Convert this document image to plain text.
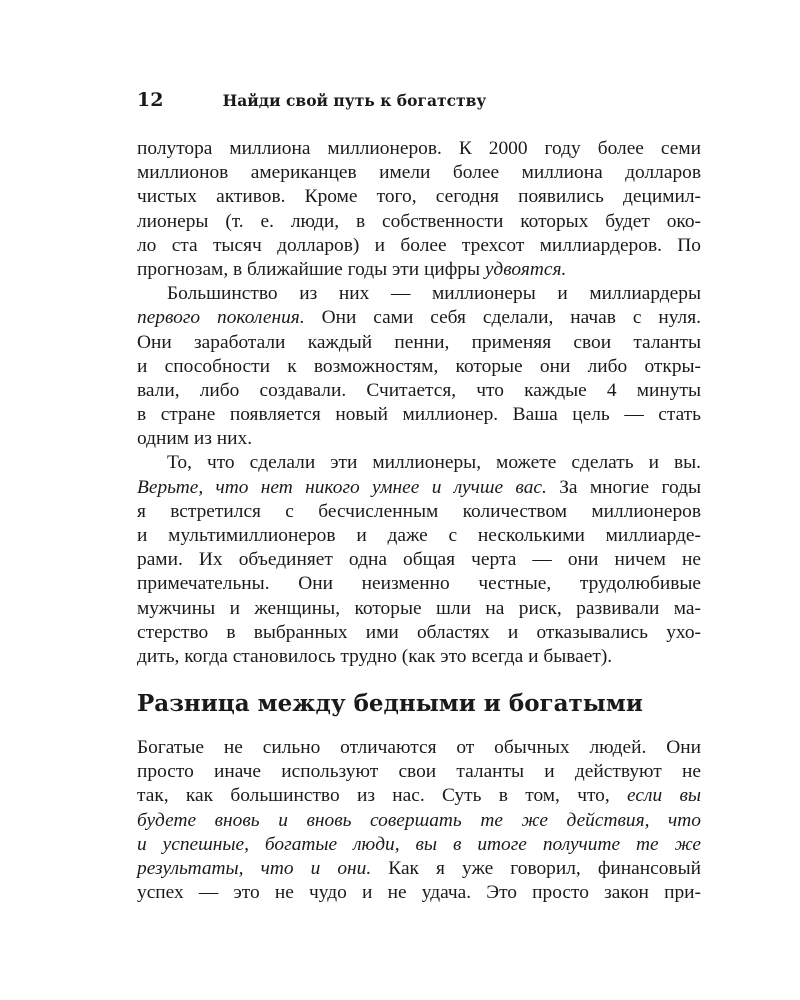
12	Найди свой путь к богатству
полутора миллиона миллионеров. К 2000 году более семи
миллионов американцев имели более миллиона долларов
чистых активов. Кроме того, сегодня появились децимил-
лионеры (т. е. люди, в собственности которых будет око-
ло ста тысяч долларов) и более трехсот миллиардеров. По
прогнозам, в ближайшие годы эти цифры удвоятся.
Большинство из них — миллионеры и миллиардеры
первого поколения. Они сами себя сделали, начав с нуля.
Они заработали каждый пенни, применяя свои таланты
и способности к возможностям, которые они либо откры-
вали, либо создавали. Считается, что каждые 4 минуты
в стране появляется новый миллионер. Ваша цель — стать
одним из них.
То, что сделали эти миллионеры, можете сделать и вы.
Верьте, что нет никого умнее и лучше вас. За многие годы
я встретился с бесчисленным количеством миллионеров
и мультимиллионеров и даже с несколькими миллиарде-
рами. Их объединяет одна общая черта — они ничем не
примечательны. Они неизменно честные, трудолюбивые
мужчины и женщины, которые шли на риск, развивали ма-
стерство в выбранных ими областях и отказывались ухо-
дить, когда становилось трудно (как это всегда и бывает).
Разница между бедными и богатыми
Богатые не сильно отличаются от обычных людей. Они
просто иначе используют свои таланты и действуют не
так, как большинство из нас. Суть в том, что, если вы
будете вновь и вновь совершать те же действия, что
и успешные, богатые люди, вы в итоге получите те же
результаты, что и они. Как я уже говорил, финансовый
успех — это не чудо и не удача. Это просто закон при-
